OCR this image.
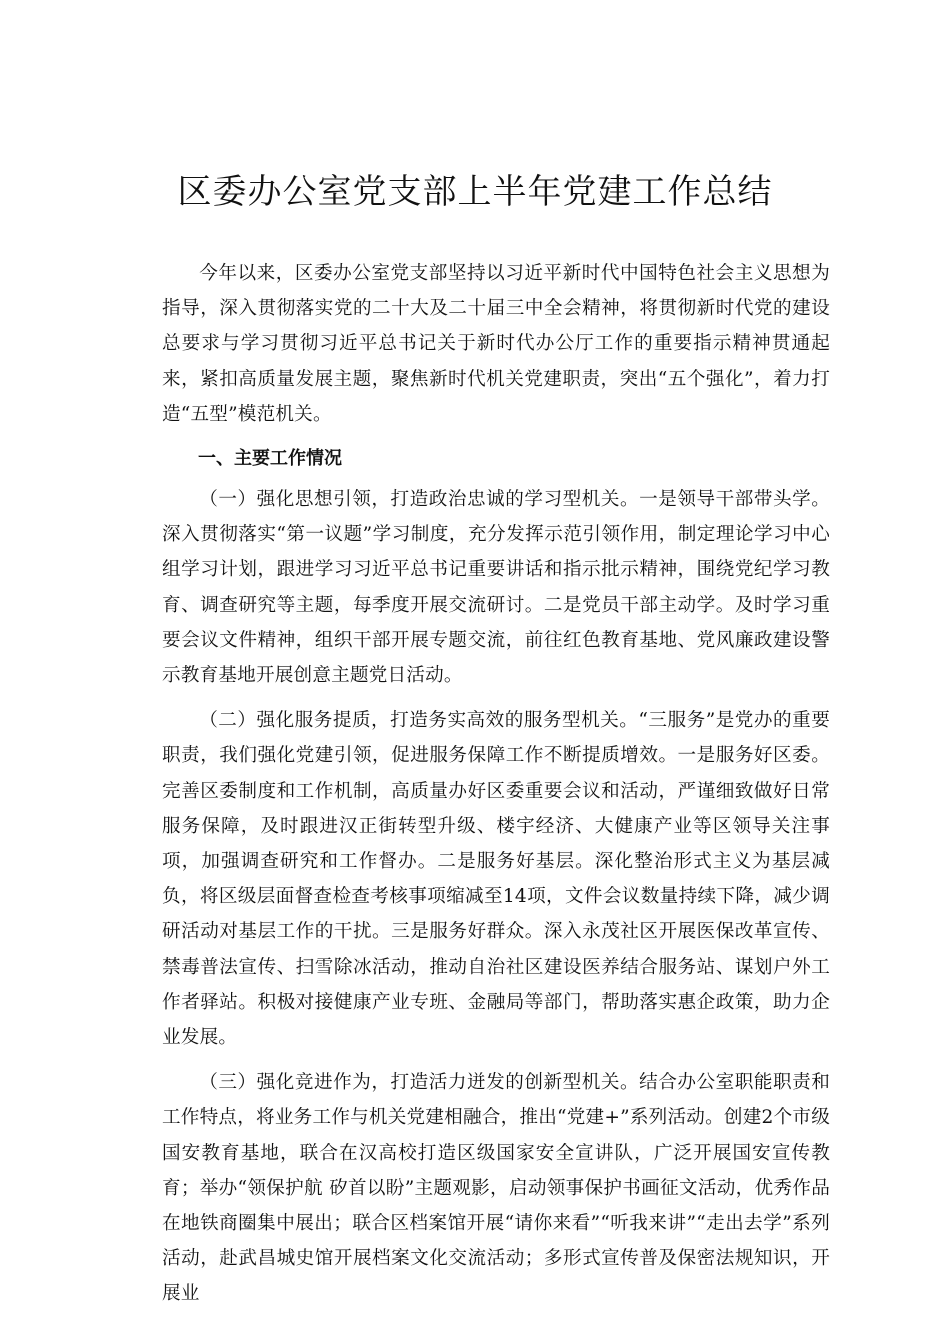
区委办公室党支部上半年党建工作总结

今年以来，区委办公室党支部坚持以习近平新时代中国特色社会主义思想为指导，深入贯彻落实党的二十大及二十届三中全会精神，将贯彻新时代党的建设总要求与学习贯彻习近平总书记关于新时代办公厅工作的重要指示精神贯通起来，紧扣高质量发展主题，聚焦新时代机关党建职责，突出“五个强化”，着力打造“五型”模范机关。

一、主要工作情况

（一）强化思想引领，打造政治忠诚的学习型机关。一是领导干部带头学。深入贯彻落实“第一议题”学习制度，充分发挥示范引领作用，制定理论学习中心组学习计划，跟进学习习近平总书记重要讲话和指示批示精神，围绕党纪学习教育、调查研究等主题，每季度开展交流研讨。二是党员干部主动学。及时学习重要会议文件精神，组织干部开展专题交流，前往红色教育基地、党风廉政建设警示教育基地开展创意主题党日活动。

（二）强化服务提质，打造务实高效的服务型机关。“三服务”是党办的重要职责，我们强化党建引领，促进服务保障工作不断提质增效。一是服务好区委。完善区委制度和工作机制，高质量办好区委重要会议和活动，严谨细致做好日常服务保障，及时跟进汉正街转型升级、楼宇经济、大健康产业等区领导关注事项，加强调查研究和工作督办。二是服务好基层。深化整治形式主义为基层减负，将区级层面督查检查考核事项缩减至14项，文件会议数量持续下降，减少调研活动对基层工作的干扰。三是服务好群众。深入永茂社区开展医保改革宣传、禁毒普法宣传、扫雪除冰活动，推动自治社区建设医养结合服务站、谋划户外工作者驿站。积极对接健康产业专班、金融局等部门，帮助落实惠企政策，助力企业发展。

（三）强化竞进作为，打造活力迸发的创新型机关。结合办公室职能职责和工作特点，将业务工作与机关党建相融合，推出“党建+”系列活动。创建2个市级国安教育基地，联合在汉高校打造区级国家安全宣讲队，广泛开展国安宣传教育；举办“领保护航 矽首以盼”主题观影，启动领事保护书画征文活动，优秀作品在地铁商圈集中展出；联合区档案馆开展“请你来看”“听我来讲”“走出去学”系列活动，赴武昌城史馆开展档案文化交流活动；多形式宣传普及保密法规知识，开展业
